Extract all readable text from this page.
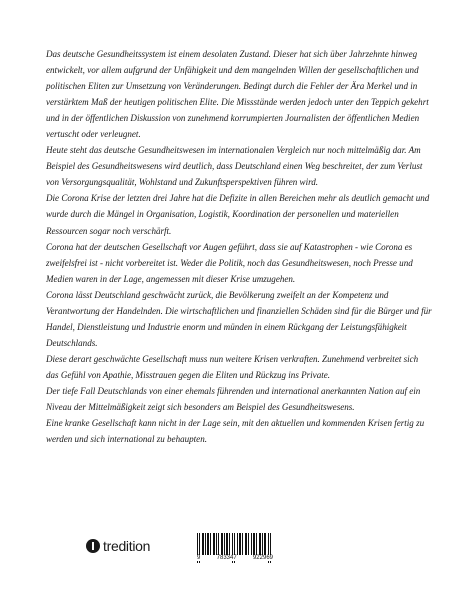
Das deutsche Gesundheitssystem ist einem desolaten Zustand. Dieser hat sich über Jahrzehnte hinweg entwickelt, vor allem aufgrund der Unfähigkeit und dem mangelnden Willen der gesellschaftlichen und politischen Eliten zur Umsetzung von Veränderungen. Bedingt durch die Fehler der Ära Merkel und in verstärktem Maß der heutigen politischen Elite. Die Missstände werden jedoch unter den Teppich gekehrt und in der öffentlichen Diskussion von zunehmend korrumpierten Journalisten der öffentlichen Medien vertuscht oder verleugnet.

Heute steht das deutsche Gesundheitswesen im internationalen Vergleich nur noch mittelmäßig dar. Am Beispiel des Gesundheitswesens wird deutlich, dass Deutschland einen Weg beschreitet, der zum Verlust von Versorgungsqualität, Wohlstand und Zukunftsperspektiven führen wird.

Die Corona Krise der letzten drei Jahre hat die Defizite in allen Bereichen mehr als deutlich gemacht und wurde durch die Mängel in Organisation, Logistik, Koordination der personellen und materiellen Ressourcen sogar noch verschärft.

Corona hat der deutschen Gesellschaft vor Augen geführt, dass sie auf Katastrophen - wie Corona es zweifelsfrei ist - nicht vorbereitet ist. Weder die Politik, noch das Gesundheitswesen, noch Presse und Medien waren in der Lage, angemessen mit dieser Krise umzugehen.

Corona lässt Deutschland geschwächt zurück, die Bevölkerung zweifelt an der Kompetenz und Verantwortung der Handelnden. Die wirtschaftlichen und finanziellen Schäden sind für die Bürger und für Handel, Dienstleistung und Industrie enorm und münden in einem Rückgang der Leistungsfähigkeit Deutschlands.

Diese derart geschwächte Gesellschaft muss nun weitere Krisen verkraften. Zunehmend verbreitet sich das Gefühl von Apathie, Misstrauen gegen die Eliten und Rückzug ins Private.

Der tiefe Fall Deutschlands von einer ehemals führenden und international anerkannten Nation auf ein Niveau der Mittelmäßigkeit zeigt sich besonders am Beispiel des Gesundheitswesens.

Eine kranke Gesellschaft kann nicht in der Lage sein, mit den aktuellen und kommenden Krisen fertig zu werden und sich international zu behaupten.

tredition
9	783347	922969
